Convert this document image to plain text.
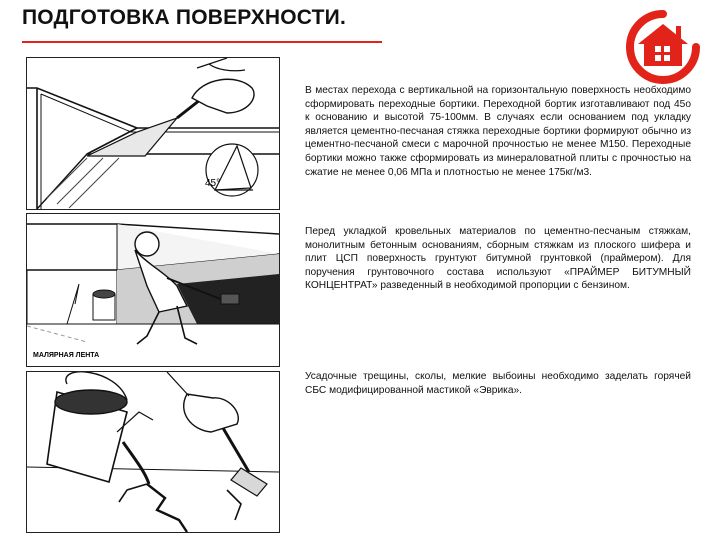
ПОДГОТОВКА ПОВЕРХНОСТИ.
45°
МАЛЯРНАЯ ЛЕНТА

В местах перехода с вертикальной на горизонтальную поверхность необходимо сформировать переходные бортики. Переходной бортик изготавливают под 45о к основанию и высотой 75-100мм. В случаях если основанием под укладку является цементно-песчаная стяжка переходные бортики формируют обычно из цементно-песчаной смеси с марочной прочностью не менее М150. Переходные бортики можно также сформировать из минераловатной плиты с прочностью на сжатие не менее 0,06 МПа и плотностью не менее 175кг/м3.

Перед укладкой кровельных материалов по цементно-песчаным стяжкам, монолитным бетонным основаниям, сборным стяжкам из плоского шифера и плит ЦСП поверхность грунтуют битумной грунтовкой (праймером). Для поручения грунтовочного состава используют «ПРАЙМЕР БИТУМНЫЙ КОНЦЕНТРАТ» разведенный в необходимой пропорции с бензином.

Усадочные трещины, сколы, мелкие выбоины необходимо заделать горячей СБС модифицированной мастикой «Эврика».
